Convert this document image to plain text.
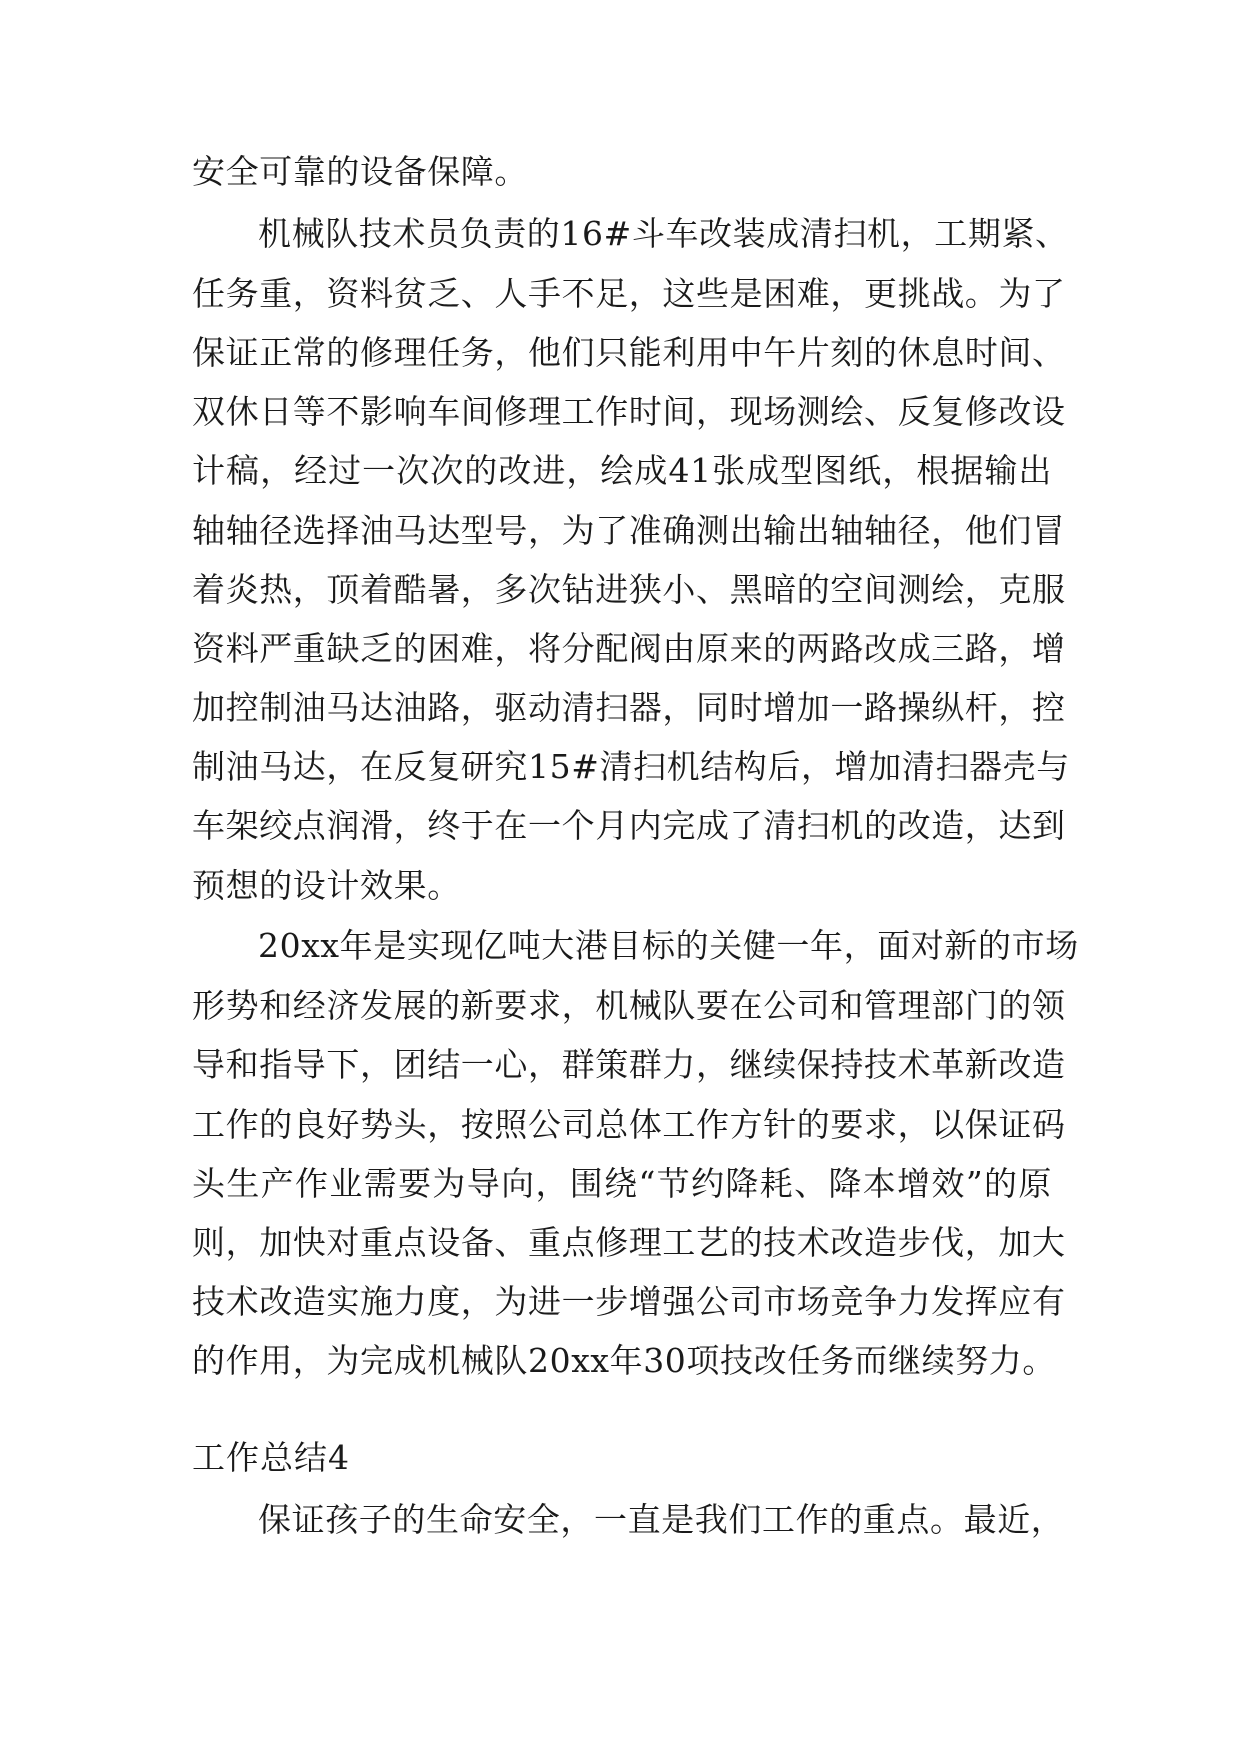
安全可靠的设备保障。
机械队技术员负责的16#斗车改装成清扫机，工期紧、
任务重，资料贫乏、人手不足，这些是困难，更挑战。为了
保证正常的修理任务，他们只能利用中午片刻的休息时间、
双休日等不影响车间修理工作时间，现场测绘、反复修改设
计稿，经过一次次的改进，绘成41张成型图纸，根据输出
轴轴径选择油马达型号，为了准确测出输出轴轴径，他们冒
着炎热，顶着酷暑，多次钻进狭小、黑暗的空间测绘，克服
资料严重缺乏的困难，将分配阀由原来的两路改成三路，增
加控制油马达油路，驱动清扫器，同时增加一路操纵杆，控
制油马达，在反复研究15#清扫机结构后，增加清扫器壳与
车架绞点润滑，终于在一个月内完成了清扫机的改造，达到
预想的设计效果。
20xx年是实现亿吨大港目标的关健一年，面对新的市场
形势和经济发展的新要求，机械队要在公司和管理部门的领
导和指导下，团结一心，群策群力，继续保持技术革新改造
工作的良好势头，按照公司总体工作方针的要求，以保证码
头生产作业需要为导向，围绕“节约降耗、降本增效”的原
则，加快对重点设备、重点修理工艺的技术改造步伐，加大
技术改造实施力度，为进一步增强公司市场竞争力发挥应有
的作用，为完成机械队20xx年30项技改任务而继续努力。
工作总结4
保证孩子的生命安全，一直是我们工作的重点。最近，
